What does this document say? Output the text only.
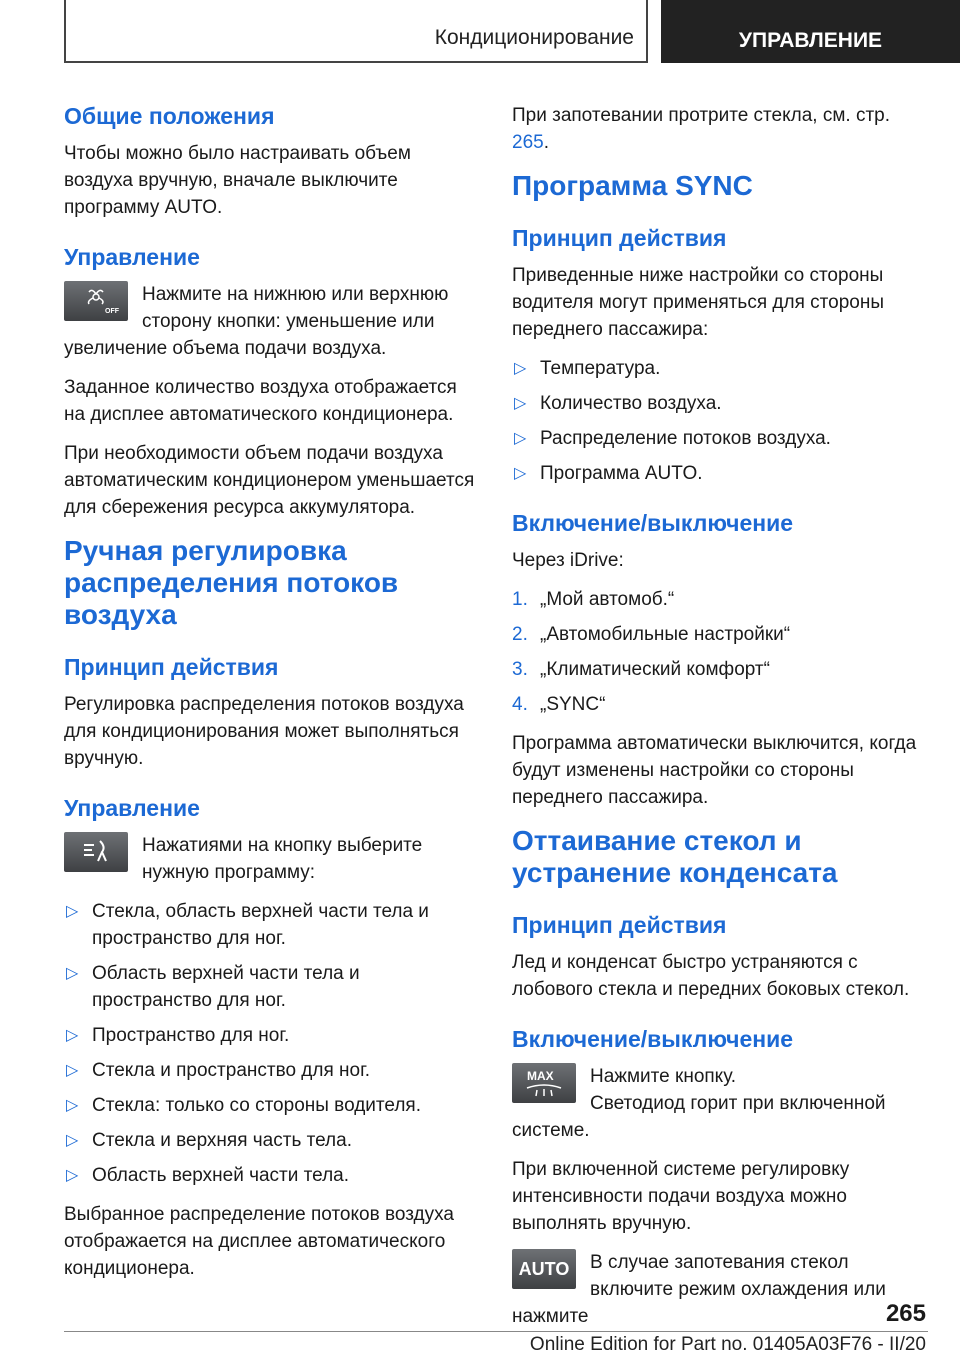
Кондиционирование	УПРАВЛЕНИЕ
Общие положения

Чтобы можно было настраивать объем воздуха вручную, вначале выключите программу AUTO.

Управление
OFF

Нажмите на нижнюю или верхнюю сторону кнопки: уменьшение или увеличение объема подачи воздуха.

Заданное количество воздуха отображается на дисплее автоматического кондиционера.

При необходимости объем подачи воздуха автоматическим кондиционером уменьшается для сбережения ресурса аккумулятора.

Ручная регулировка распределения потоков воздуха
Принцип действия

Регулировка распределения потоков воздуха для кондиционирования может выполняться вручную.

Управление

Нажатиями на кнопку выберите нужную программу:

▷ Стекла, область верхней части тела и пространство для ног.
▷ Область верхней части тела и пространство для ног.
▷ Пространство для ног.
▷ Стекла и пространство для ног.
▷ Стекла: только со стороны водителя.
▷ Стекла и верхняя часть тела.
▷ Область верхней части тела.

Выбранное распределение потоков воздуха отображается на дисплее автоматического кондиционера.

При запотевании протрите стекла, см. стр. 265.

Программа SYNC
Принцип действия

Приведенные ниже настройки со стороны водителя могут применяться для стороны переднего пассажира:

▷ Температура.
▷ Количество воздуха.
▷ Распределение потоков воздуха.
▷ Программа AUTO.
Включение/выключение

Через iDrive:

1. „Мой автомоб.“
2. „Автомобильные настройки“
3. „Климатический комфорт“
4. „SYNC“

Программа автоматически выключится, когда будут изменены настройки со стороны переднего пассажира.

Оттаивание стекол и устранение конденсата
Принцип действия

Лед и конденсат быстро устраняются с лобового стекла и передних боковых стекол.

Включение/выключение
MAX	Нажмите кнопку.

Светодиод горит при включенной системе.

При включенной системе регулировку интенсивности подачи воздуха можно выполнять вручную.

AUTO	В случае запотевания стекол включите режим охлаждения или нажмите	265
Online Edition for Part no. 01405A03F76 - II/20
